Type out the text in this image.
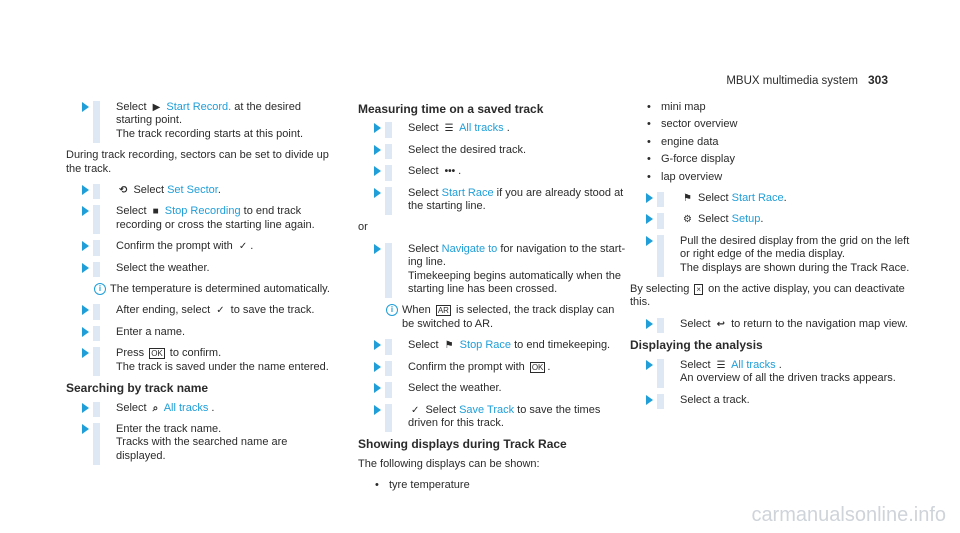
MBUX multimedia system 303
Select ▶ Start Record. at the desired starting point.
The track recording starts at this point.

During track recording, sectors can be set to divide up the track.

⟲ Select Set Sector.
Select ■ Stop Recording to end track recording or cross the starting line again.
Confirm the prompt with ✓ .
Select the weather.
i The temperature is determined automatically.
After ending, select ✓ to save the track.
Enter a name.
Press OK to confirm.
The track is saved under the name entered.
Searching by track name
Select ⌕ All tracks .
Enter the track name.
Tracks with the searched name are displayed.
Measuring time on a saved track
Select ☰ All tracks .
Select the desired track.
Select ••• .
Select Start Race if you are already stood at the starting line.

or

Select Navigate to for navigation to the starting line.
Timekeeping begins automatically when the starting line has been crossed.
i When AR is selected, the track display can be switched to AR.
Select ⚑ Stop Race to end timekeeping.
Confirm the prompt with OK .
Select the weather.
✓ Select Save Track to save the times driven for this track.
Showing displays during Track Race

The following displays can be shown:

• tyre temperature
• mini map
• sector overview
• engine data
• G-force display
• lap overview
⚑ Select Start Race.
⚙ Select Setup.
Pull the desired display from the grid on the left or right edge of the media display.
The displays are shown during the Track Race.

By selecting × on the active display, you can deactivate this.

Select ↩ to return to the navigation map view.
Displaying the analysis
Select ☰ All tracks .
An overview of all the driven tracks appears.
Select a track.
carmanualsonline.info
